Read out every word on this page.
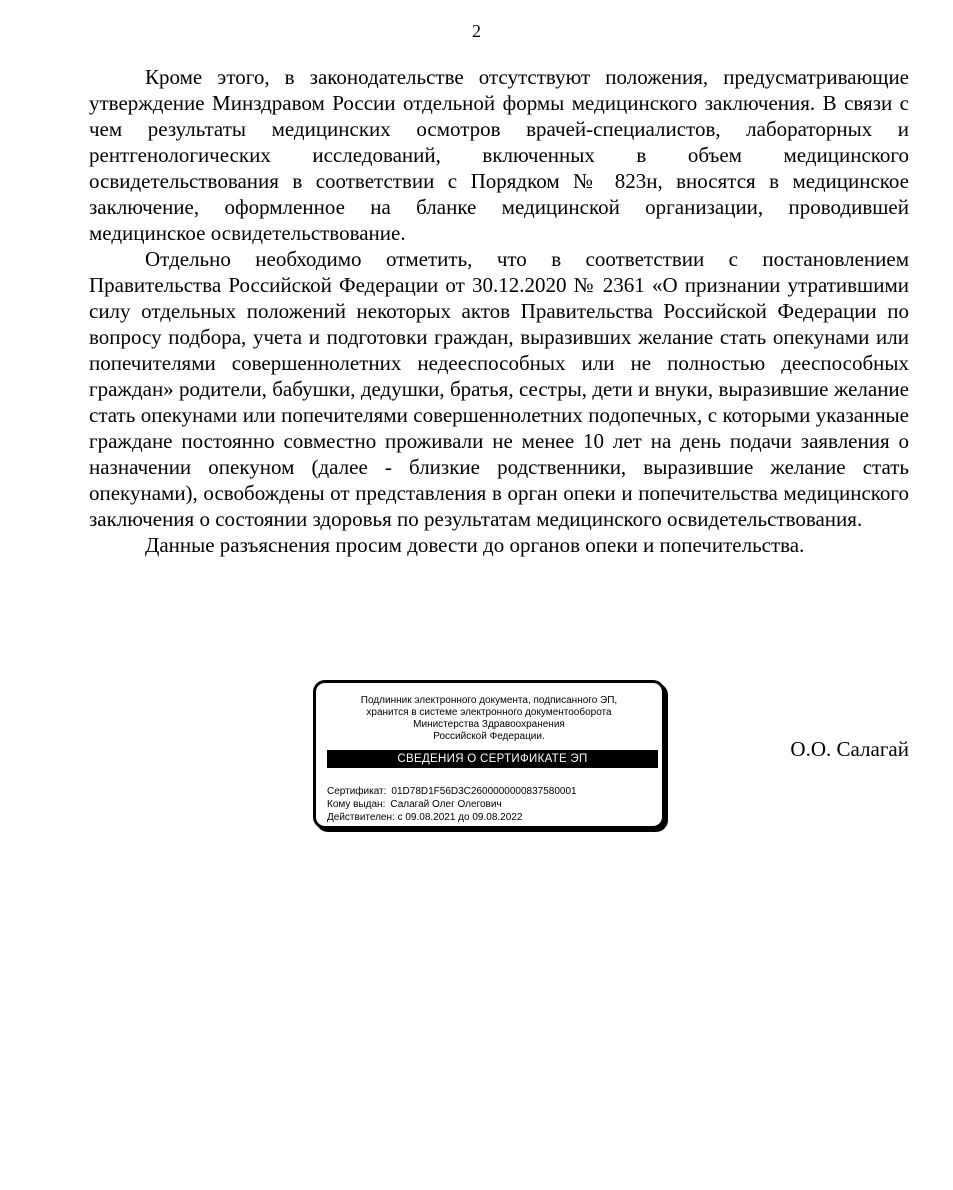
2

Кроме этого, в законодательстве отсутствуют положения, предусматривающие утверждение Минздравом России отдельной формы медицинского заключения. В связи с чем результаты медицинских осмотров врачей-специалистов, лабораторных и рентгенологических исследований, включенных в объем медицинского освидетельствования в соответствии с Порядком № 823н, вносятся в медицинское заключение, оформленное на бланке медицинской организации, проводившей медицинское освидетельствование.

Отдельно необходимо отметить, что в соответствии с постановлением Правительства Российской Федерации от 30.12.2020 № 2361 «О признании утратившими силу отдельных положений некоторых актов Правительства Российской Федерации по вопросу подбора, учета и подготовки граждан, выразивших желание стать опекунами или попечителями совершеннолетних недееспособных или не полностью дееспособных граждан» родители, бабушки, дедушки, братья, сестры, дети и внуки, выразившие желание стать опекунами или попечителями совершеннолетних подопечных, с которыми указанные граждане постоянно совместно проживали не менее 10 лет на день подачи заявления о назначении опекуном (далее - близкие родственники, выразившие желание стать опекунами), освобождены от представления в орган опеки и попечительства медицинского заключения о состоянии здоровья по результатам медицинского освидетельствования.

Данные разъяснения просим довести до органов опеки и попечительства.

Подлинник электронного документа, подписанного ЭП,
хранится в системе электронного документооборота
Министерства Здравоохранения
Российской Федерации.

СВЕДЕНИЯ О СЕРТИФИКАТЕ ЭП
Сертификат: 01D78D1F56D3C2600000000837580001
Кому выдан: Салагай Олег Олегович
Действителен: с 09.08.2021 до 09.08.2022
О.О. Салагай
